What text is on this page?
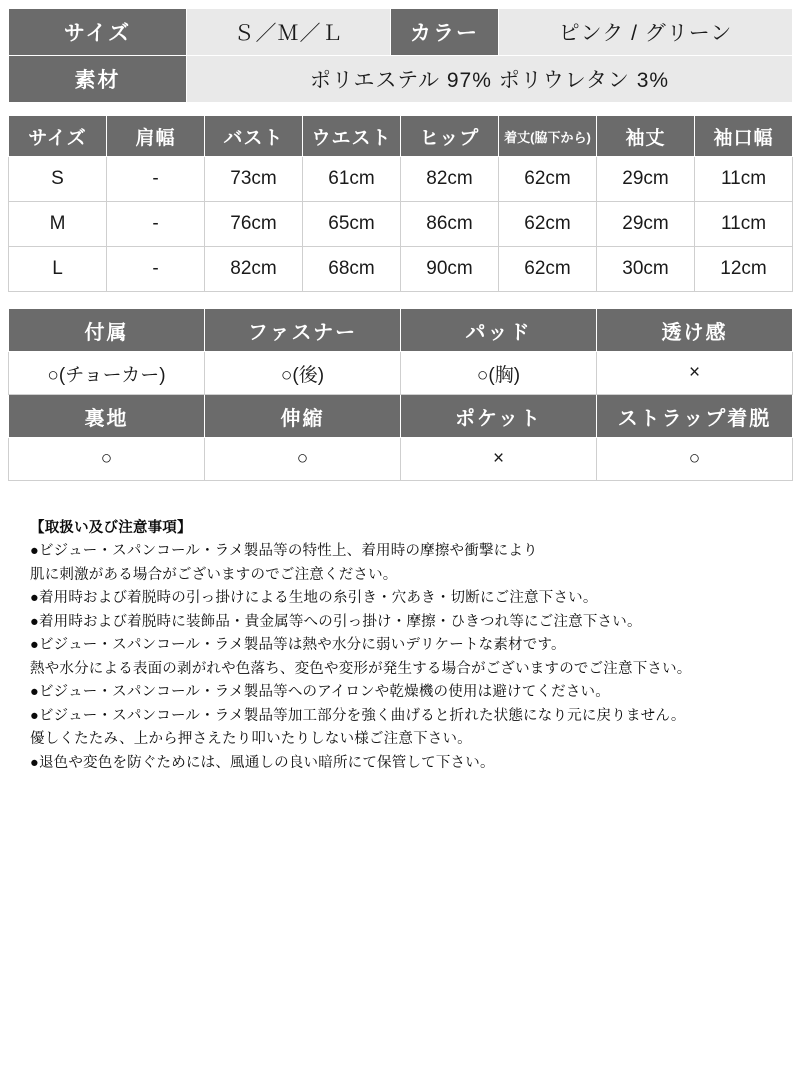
サイズ	Ｓ／Ｍ／Ｌ	カラー	ピンク / グリーン
素材	ポリエステル 97% ポリウレタン 3%		
サイズ	肩幅	バスト	ウエスト	ヒップ	着丈(脇下から)	袖丈	袖口幅
S	-	73cm	61cm	82cm	62cm	29cm	11cm
M	-	76cm	65cm	86cm	62cm	29cm	11cm
L	-	82cm	68cm	90cm	62cm	30cm	12cm
付属	ファスナー	パッド	透け感
○(チョーカー)	○(後)	○(胸)	×
裏地	伸縮	ポケット	ストラップ着脱
○	○	×	○

【取扱い及び注意事項】

●ビジュー・スパンコール・ラメ製品等の特性上、着用時の摩擦や衝撃により

肌に刺激がある場合がございますのでご注意ください。

●着用時および着脱時の引っ掛けによる生地の糸引き・穴あき・切断にご注意下さい。

●着用時および着脱時に装飾品・貴金属等への引っ掛け・摩擦・ひきつれ等にご注意下さい。

●ビジュー・スパンコール・ラメ製品等は熱や水分に弱いデリケートな素材です。

熱や水分による表面の剥がれや色落ち、変色や変形が発生する場合がございますのでご注意下さい。

●ビジュー・スパンコール・ラメ製品等へのアイロンや乾燥機の使用は避けてください。

●ビジュー・スパンコール・ラメ製品等加工部分を強く曲げると折れた状態になり元に戻りません。

優しくたたみ、上から押さえたり叩いたりしない様ご注意下さい。

●退色や変色を防ぐためには、風通しの良い暗所にて保管して下さい。
